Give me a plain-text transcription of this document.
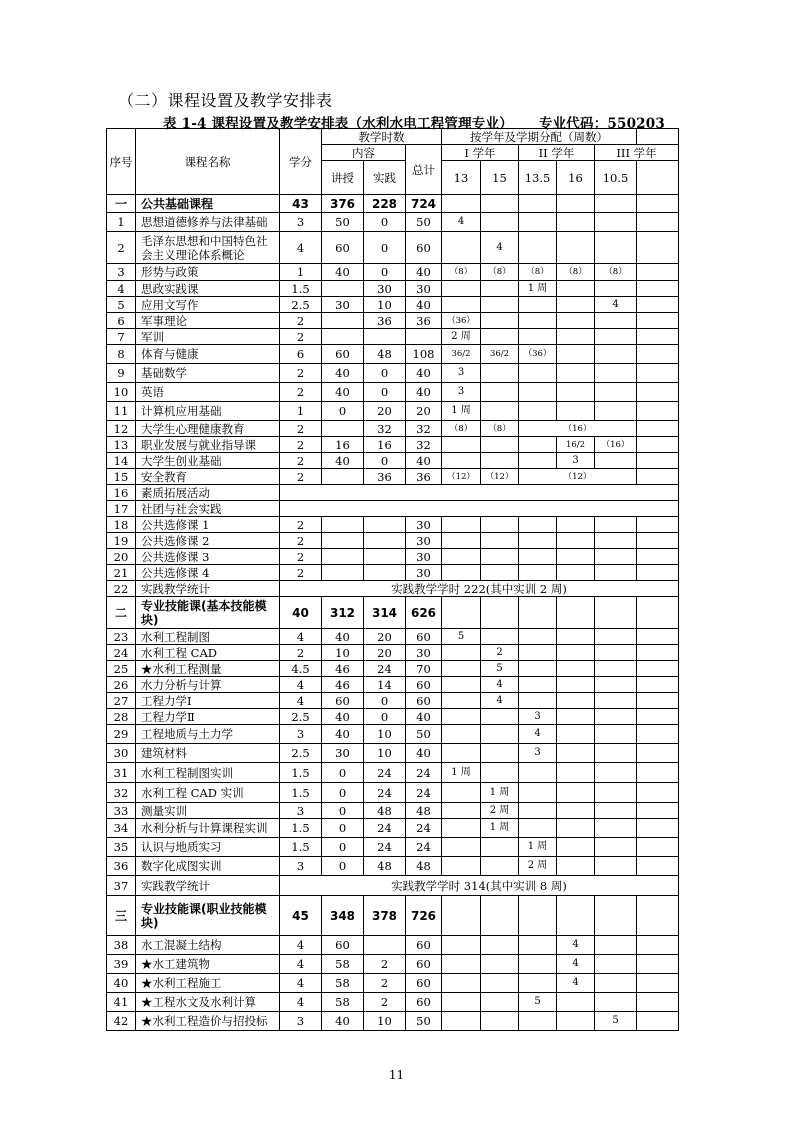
（二）课程设置及教学安排表
表 1-4 课程设置及教学安排表（水利水电工程管理专业） 专业代码：550203
序号	课程名称	学分	教学时数			按学年及学期分配（周数）					
			内容		总计	I 学年		II 学年		III 学年	
			讲授	实践		13	15	13.5	16	10.5	

一	公共基础课程	43	376	228	724						
1	思想道德修养与法律基础	3	50	0	50	4					
2	毛泽东思想和中国特色社会主义理论体系概论	4	60	0	60		4				
3	形势与政策	1	40	0	40	（8）	（8）	（8）	（8）	（8）	
4	思政实践课	1.5		30	30			1 周			
5	应用文写作	2.5	30	10	40					4	
6	军事理论	2		36	36	（36）					
7	军训	2				2 周					
8	体育与健康	6	60	48	108	36/2	36/2	（36）			
9	基础数学	2	40	0	40	3					
10	英语	2	40	0	40	3					
11	计算机应用基础	1	0	20	20	1 周					
12	大学生心理健康教育	2		32	32	（8）	（8）	（16）			
13	职业发展与就业指导课	2	16	16	32				16/2	（16）	
14	大学生创业基础	2	40	0	40				3		
15	安全教育	2		36	36	（12）	（12）	（12）			
16	素质拓展活动										
17	社团与社会实践										
18	公共选修课 1	2			30						
19	公共选修课 2	2			30						
20	公共选修课 3	2			30						
21	公共选修课 4	2			30						
22	实践教学统计	实践教学学时 222(其中实训 2 周)									
二	专业技能课(基本技能模块)	40	312	314	626						
23	水利工程制图	4	40	20	60	5					
24	水利工程 CAD	2	10	20	30		2				
25	★水利工程测量	4.5	46	24	70		5				
26	水力分析与计算	4	46	14	60		4				
27	工程力学Ⅰ	4	60	0	60		4				
28	工程力学Ⅱ	2.5	40	0	40			3			
29	工程地质与土力学	3	40	10	50			4			
30	建筑材料	2.5	30	10	40			3			
31	水利工程制图实训	1.5	0	24	24	1 周					
32	水利工程 CAD 实训	1.5	0	24	24		1 周				
33	测量实训	3	0	48	48		2 周				
34	水利分析与计算课程实训	1.5	0	24	24		1 周				
35	认识与地质实习	1.5	0	24	24			1 周			
36	数字化成图实训	3	0	48	48			2 周			
37	实践教学统计	实践教学学时 314(其中实训 8 周)									
三	专业技能课(职业技能模块)	45	348	378	726						
38	水工混凝土结构	4	60		60				4		
39	★水工建筑物	4	58	2	60				4		
40	★水利工程施工	4	58	2	60				4		
41	★工程水文及水利计算	4	58	2	60			5			
42	★水利工程造价与招投标	3	40	10	50					5	
11
